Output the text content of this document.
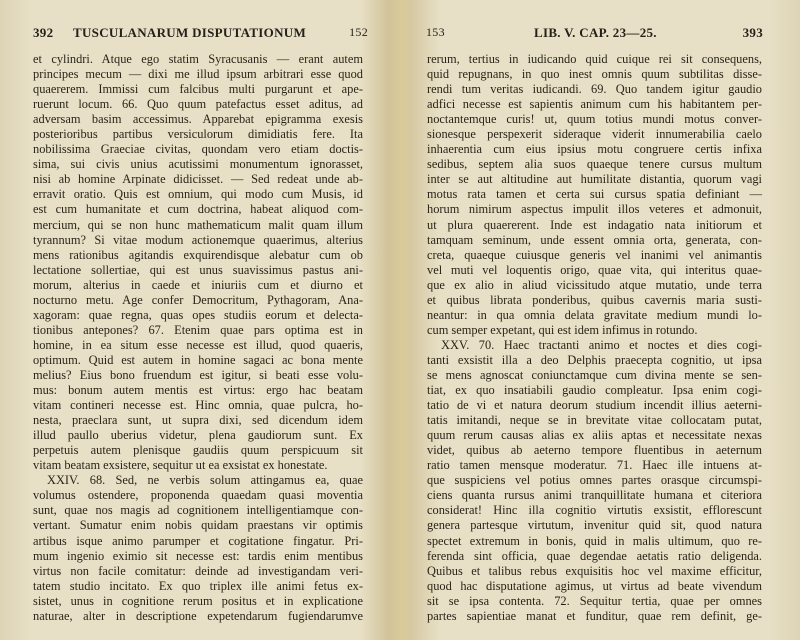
392 TUSCULANARUM DISPUTATIONUM	152
et cylindri. Atque ego statim Syracusanis — erant autem
principes mecum — dixi me illud ipsum arbitrari esse quod
quaererem. Immissi cum falcibus multi purgarunt et ape-
ruerunt locum. 66. Quo quum patefactus esset aditus, ad
adversam basim accessimus. Apparebat epigramma exesis
posterioribus partibus versiculorum dimidiatis fere. Ita
nobilissima Graeciae civitas, quondam vero etiam doctis-
sima, sui civis unius acutissimi monumentum ignorasset,
nisi ab homine Arpinate didicisset. — Sed redeat unde ab-
erravit oratio. Quis est omnium, qui modo cum Musis, id
est cum humanitate et cum doctrina, habeat aliquod com-
mercium, qui se non hunc mathematicum malit quam illum
tyrannum? Si vitae modum actionemque quaerimus, alterius
mens rationibus agitandis exquirendisque alebatur cum ob
lectatione sollertiae, qui est unus suavissimus pastus ani-
morum, alterius in caede et iniuriis cum et diurno et
nocturno metu. Age confer Democritum, Pythagoram, Ana-
xagoram: quae regna, quas opes studiis eorum et delecta-
tionibus antepones? 67. Etenim quae pars optima est in
homine, in ea situm esse necesse est illud, quod quaeris,
optimum. Quid est autem in homine sagaci ac bona mente
melius? Eius bono fruendum est igitur, si beati esse volu-
mus: bonum autem mentis est virtus: ergo hac beatam
vitam contineri necesse est. Hinc omnia, quae pulcra, ho-
nesta, praeclara sunt, ut supra dixi, sed dicendum idem
illud paullo uberius videtur, plena gaudiorum sunt. Ex
perpetuis autem plenisque gaudiis quum perspicuum sit
vitam beatam exsistere, sequitur ut ea exsistat ex honestate.
XXIV. 68. Sed, ne verbis solum attingamus ea, quae
volumus ostendere, proponenda quaedam quasi moventia
sunt, quae nos magis ad cognitionem intelligentiamque con-
vertant. Sumatur enim nobis quidam praestans vir optimis
artibus isque animo parumper et cogitatione fingatur. Pri-
mum ingenio eximio sit necesse est: tardis enim mentibus
virtus non facile comitatur: deinde ad investigandam veri-
tatem studio incitato. Ex quo triplex ille animi fetus ex-
sistet, unus in cognitione rerum positus et in explicatione
naturae, alter in descriptione expetendarum fugiendarumve
153	LIB. V. CAP. 23—25.	393
rerum, tertius in iudicando quid cuique rei sit consequens,
quid repugnans, in quo inest omnis quum subtilitas disse-
rendi tum veritas iudicandi. 69. Quo tandem igitur gaudio
adfici necesse est sapientis animum cum his habitantem per-
noctantemque curis! ut, quum totius mundi motus conver-
sionesque perspexerit sideraque viderit innumerabilia caelo
inhaerentia cum eius ipsius motu congruere certis infixa
sedibus, septem alia suos quaeque tenere cursus multum
inter se aut altitudine aut humilitate distantia, quorum vagi
motus rata tamen et certa sui cursus spatia definiant —
horum nimirum aspectus impulit illos veteres et admonuit,
ut plura quaererent. Inde est indagatio nata initiorum et
tamquam seminum, unde essent omnia orta, generata, con-
creta, quaeque cuiusque generis vel inanimi vel animantis
vel muti vel loquentis origo, quae vita, qui interitus quae-
que ex alio in aliud vicissitudo atque mutatio, unde terra
et quibus librata ponderibus, quibus cavernis maria susti-
neantur: in qua omnia delata gravitate medium mundi lo-
cum semper expetant, qui est idem infimus in rotundo.
XXV. 70. Haec tractanti animo et noctes et dies cogi-
tanti exsistit illa a deo Delphis praecepta cognitio, ut ipsa
se mens agnoscat coniunctamque cum divina mente se sen-
tiat, ex quo insatiabili gaudio compleatur. Ipsa enim cogi-
tatio de vi et natura deorum studium incendit illius aeterni-
tatis imitandi, neque se in brevitate vitae collocatam putat,
quum rerum causas alias ex aliis aptas et necessitate nexas
videt, quibus ab aeterno tempore fluentibus in aeternum
ratio tamen mensque moderatur. 71. Haec ille intuens at-
que suspiciens vel potius omnes partes orasque circumspi-
ciens quanta rursus animi tranquillitate humana et citeriora
considerat! Hinc illa cognitio virtutis exsistit, efflorescunt
genera partesque virtutum, invenitur quid sit, quod natura
spectet extremum in bonis, quid in malis ultimum, quo re-
ferenda sint officia, quae degendae aetatis ratio deligenda.
Quibus et talibus rebus exquisitis hoc vel maxime efficitur,
quod hac disputatione agimus, ut virtus ad beate vivendum
sit se ipsa contenta. 72. Sequitur tertia, quae per omnes
partes sapientiae manat et funditur, quae rem definit, ge-
